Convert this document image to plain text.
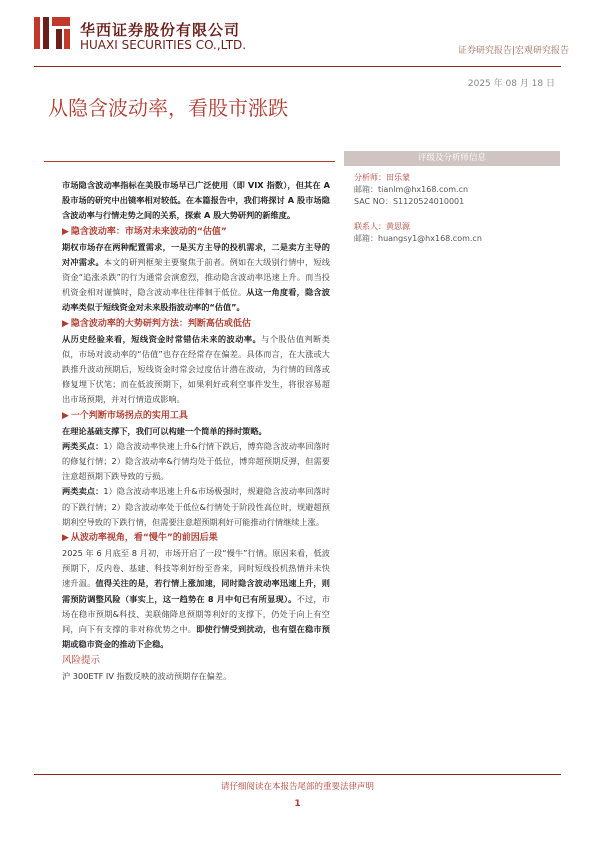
华西证券股份有限公司
HUAXI SECURITIES CO.,LTD.	证券研究报告|宏观研究报告
2025 年 08 月 18 日
从隐含波动率，看股市涨跌
评级及分析师信息
分析师：田乐蒙
邮箱：tianlm@hx168.com.cn
SAC NO：S1120524010001
联系人：黄思源
邮箱：huangsy1@hx168.com.cn

市场隐含波动率指标在美股市场早已广泛使用（即 VIX 指数），但其在 A 股市场的研究中出镜率相对较低。在本篇报告中，我们将探讨 A 股市场隐含波动率与行情走势之间的关系，探索 A 股大势研判的新维度。

▶ 隐含波动率：市场对未来波动的“估值”

期权市场存在两种配置需求，一是买方主导的投机需求，二是卖方主导的对冲需求。本文的研判框架主要聚焦于前者。例如在大级别行情中，短线资金“追涨杀跌”的行为通常会演愈烈，推动隐含波动率迅速上升。而当投机资金相对谨慎时，隐含波动率往往徘徊于低位。从这一角度看，隐含波动率类似于短线资金对未来股指波动率的“估值”。

▶ 隐含波动率的大势研判方法：判断高估或低估

从历史经验来看，短线资金时常错估未来的波动率。与个股估值判断类似，市场对波动率的“估值”也存在经常存在偏差。具体而言，在大涨或大跌推升波动预期后，短线资金时常会过度估计潜在波动，为行情的回落或修复埋下伏笔；而在低波预期下，如果利好或利空事件发生，将很容易超出市场预期，并对行情造成影响。

▶ 一个判断市场拐点的实用工具

在理论基础支撑下，我们可以构建一个简单的择时策略。

两类买点：1）隐含波动率快速上升&行情下跌后，博弈隐含波动率回落时的修复行情；2）隐含波动率&行情均处于低位，博弈超预期反弹，但需要注意超预期下跌导致的亏损。

两类卖点：1）隐含波动率迅速上升&市场极强时，规避隐含波动率回落时的下跌行情；2）隐含波动率处于低位&行情处于阶段性高位时，规避超预期利空导致的下跌行情，但需要注意超预期利好可能推动行情继续上涨。

▶ 从波动率视角，看“慢牛”的前因后果

2025 年 6 月底至 8 月初，市场开启了一段“慢牛”行情。原因来看，低波预期下，反内卷、基建、科技等利好纷至沓来，同时短线投机热情并未快速升温。值得关注的是，若行情上涨加速，同时隐含波动率迅速上升，则需预防调整风险（事实上，这一趋势在 8 月中旬已有所显现）。不过，市场在稳市预期&科技、美联储降息预期等利好的支撑下，仍处于向上有空间，向下有支撑的非对称优势之中。即使行情受到扰动，也有望在稳市预期或稳市资金的推动下企稳。

风险提示

沪 300ETF IV 指数反映的波动预期存在偏差。

请仔细阅读在本报告尾部的重要法律声明
1
